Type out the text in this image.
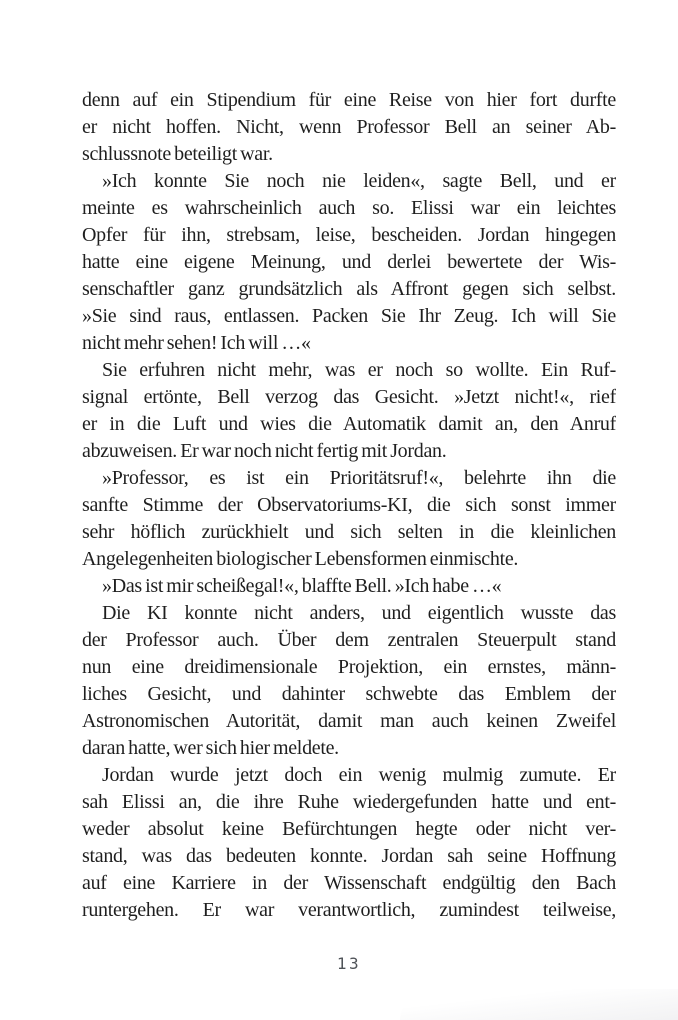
denn auf ein Stipendium für eine Reise von hier fort durfte
er nicht hoffen. Nicht, wenn Professor Bell an seiner Ab-
schlussnote beteiligt war.

»Ich konnte Sie noch nie leiden«, sagte Bell, und er
meinte es wahrscheinlich auch so. Elissi war ein leichtes
Opfer für ihn, strebsam, leise, bescheiden. Jordan hingegen
hatte eine eigene Meinung, und derlei bewertete der Wis-
senschaftler ganz grundsätzlich als Affront gegen sich selbst.
»Sie sind raus, entlassen. Packen Sie Ihr Zeug. Ich will Sie
nicht mehr sehen! Ich will …«

Sie erfuhren nicht mehr, was er noch so wollte. Ein Ruf-
signal ertönte, Bell verzog das Gesicht. »Jetzt nicht!«, rief
er in die Luft und wies die Automatik damit an, den Anruf
abzuweisen. Er war noch nicht fertig mit Jordan.

»Professor, es ist ein Prioritätsruf!«, belehrte ihn die
sanfte Stimme der Observatoriums-KI, die sich sonst immer
sehr höflich zurückhielt und sich selten in die kleinlichen
Angelegenheiten biologischer Lebensformen einmischte.

»Das ist mir scheißegal!«, blaffte Bell. »Ich habe …«

Die KI konnte nicht anders, und eigentlich wusste das
der Professor auch. Über dem zentralen Steuerpult stand
nun eine dreidimensionale Projektion, ein ernstes, männ-
liches Gesicht, und dahinter schwebte das Emblem der
Astronomischen Autorität, damit man auch keinen Zweifel
daran hatte, wer sich hier meldete.

Jordan wurde jetzt doch ein wenig mulmig zumute. Er
sah Elissi an, die ihre Ruhe wiedergefunden hatte und ent-
weder absolut keine Befürchtungen hegte oder nicht ver-
stand, was das bedeuten konnte. Jordan sah seine Hoffnung
auf eine Karriere in der Wissenschaft endgültig den Bach
runtergehen. Er war verantwortlich, zumindest teilweise,

13
